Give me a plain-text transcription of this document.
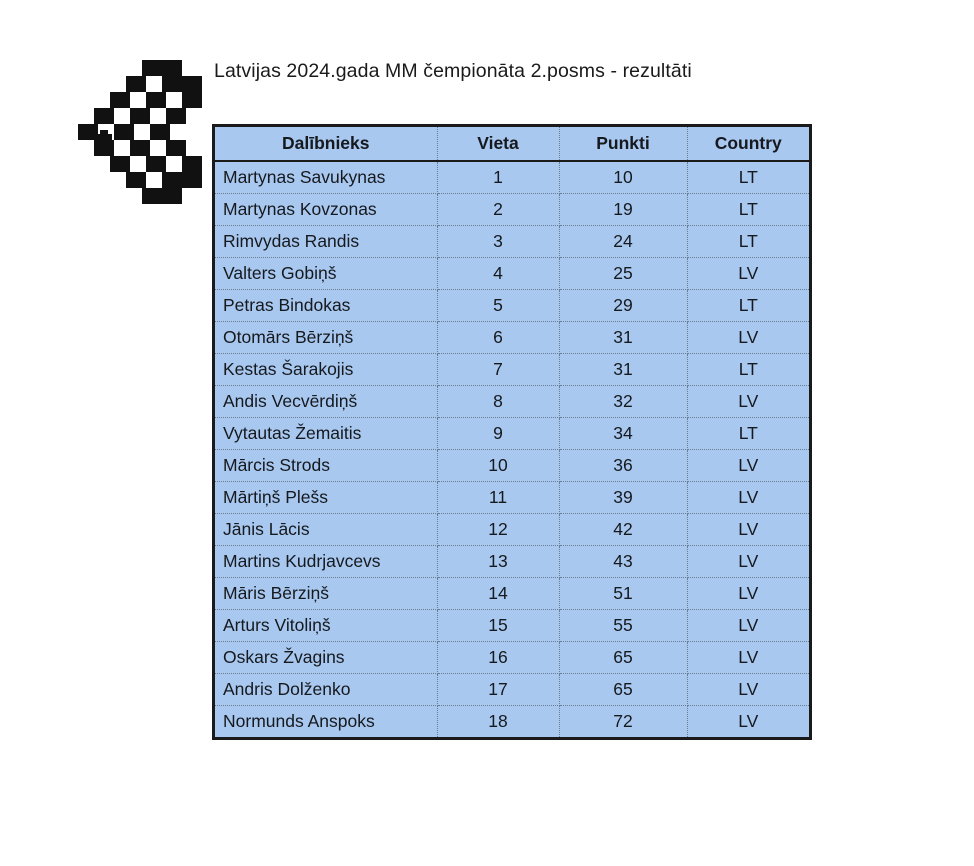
Latvijas 2024.gada MM čempionāta 2.posms - rezultāti
Dalībnieks	Vieta	Punkti	Country
Martynas Savukynas	1	10	LT
Martynas Kovzonas	2	19	LT
Rimvydas Randis	3	24	LT
Valters Gobiņš	4	25	LV
Petras Bindokas	5	29	LT
Otomārs Bērziņš	6	31	LV
Kestas Šarakojis	7	31	LT
Andis Vecvērdiņš	8	32	LV
Vytautas Žemaitis	9	34	LT
Mārcis Strods	10	36	LV
Mārtiņš Plešs	11	39	LV
Jānis Lācis	12	42	LV
Martins Kudrjavcevs	13	43	LV
Māris Bērziņš	14	51	LV
Arturs Vitoliņš	15	55	LV
Oskars Žvagins	16	65	LV
Andris Dolženko	17	65	LV
Normunds Anspoks	18	72	LV
